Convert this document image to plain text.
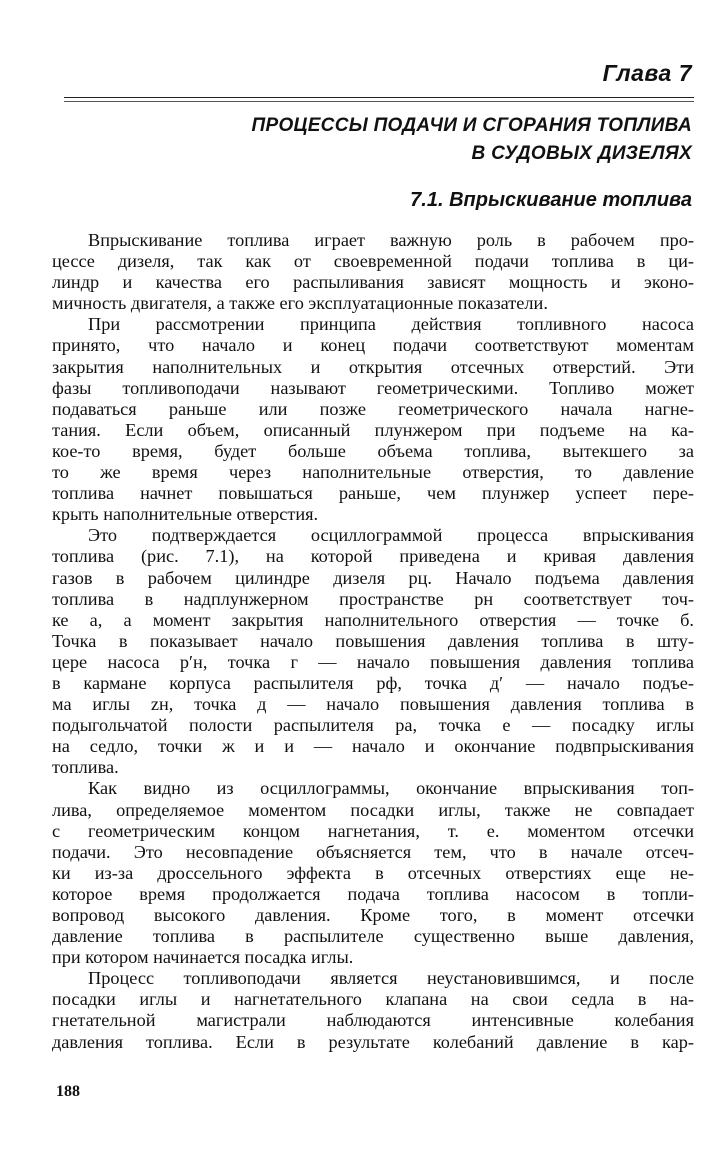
Глава 7
ПРОЦЕССЫ ПОДАЧИ И СГОРАНИЯ ТОПЛИВА
В СУДОВЫХ ДИЗЕЛЯХ
7.1. Впрыскивание топлива

Впрыскивание топлива играет важную роль в рабочем про-
цессе дизеля, так как от своевременной подачи топлива в ци-
линдр и качества его распыливания зависят мощность и эконо-
мичность двигателя, а также его эксплуатационные показатели.

При рассмотрении принципа действия топливного насоса
принято, что начало и конец подачи соответствуют моментам
закрытия наполнительных и открытия отсечных отверстий. Эти
фазы топливоподачи называют геометрическими. Топливо может
подаваться раньше или позже геометрического начала нагне-
тания. Если объем, описанный плунжером при подъеме на ка-
кое-то время, будет больше объема топлива, вытекшего за
то же время через наполнительные отверстия, то давление
топлива начнет повышаться раньше, чем плунжер успеет пере-
крыть наполнительные отверстия.

Это подтверждается осциллограммой процесса впрыскивания
топлива (рис. 7.1), на которой приведена и кривая давления
газов в рабочем цилиндре дизеля pц. Начало подъема давления
топлива в надплунжерном пространстве pн соответствует точ-
ке а, а момент закрытия наполнительного отверстия — точке б.
Точка в показывает начало повышения давления топлива в шту-
цере насоса p′н, точка г — начало повышения давления топлива
в кармане корпуса распылителя pф, точка д′ — начало подъе-
ма иглы zн, точка д — начало повышения давления топлива в
подыгольчатой полости распылителя pа, точка е — посадку иглы
на седло, точки ж и и — начало и окончание подвпрыскивания
топлива.

Как видно из осциллограммы, окончание впрыскивания топ-
лива, определяемое моментом посадки иглы, также не совпадает
с геометрическим концом нагнетания, т. е. моментом отсечки
подачи. Это несовпадение объясняется тем, что в начале отсеч-
ки из-за дроссельного эффекта в отсечных отверстиях еще не-
которое время продолжается подача топлива насосом в топли-
вопровод высокого давления. Кроме того, в момент отсечки
давление топлива в распылителе существенно выше давления,
при котором начинается посадка иглы.

Процесс топливоподачи является неустановившимся, и после
посадки иглы и нагнетательного клапана на свои седла в на-
гнетательной магистрали наблюдаются интенсивные колебания
давления топлива. Если в результате колебаний давление в кар-

188
